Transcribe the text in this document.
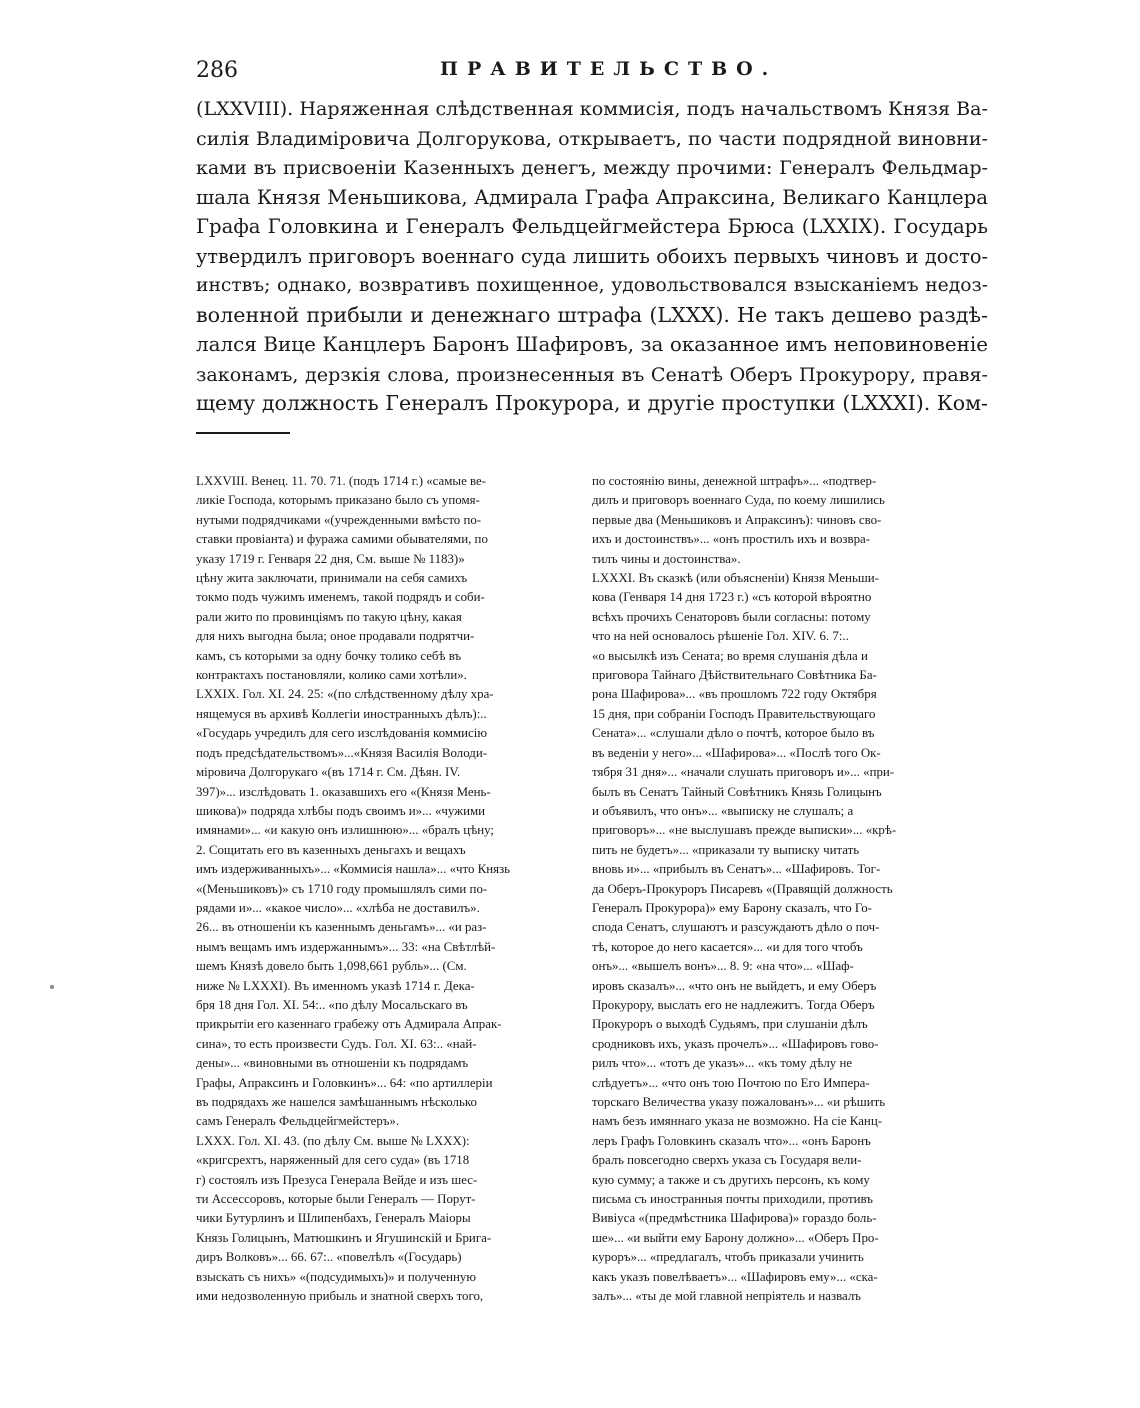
286	ПРАВИТЕЛЬСТВО.
(LXXVIII). Наряженная слѣдственная коммисія, подъ начальствомъ Князя Ва-
силія Владиміровича Долгорукова, открываетъ, по части подрядной виновни-
ками въ присвоеніи Казенныхъ денегъ, между прочими: Генералъ Фельдмар-
шала Князя Меньшикова, Адмирала Графа Апраксина, Великаго Канцлера
Графа Головкина и Генералъ Фельдцейгмейстера Брюса (LXXIX). Государь
утвердилъ приговоръ военнаго суда лишить обоихъ первыхъ чиновъ и досто-
инствъ; однако, возвративъ похищенное, удовольствовался взысканіемъ недоз-
воленной прибыли и денежнаго штрафа (LXXX). Не такъ дешево раздѣ-
лался Вице Канцлеръ Баронъ Шафировъ, за оказанное имъ неповиновеніе
законамъ, дерзкія слова, произнесенныя въ Сенатѣ Оберъ Прокурору, правя-
щему должность Генералъ Прокурора, и другіе проступки (LXXXI). Ком-
LXXVIII. Венец. 11. 70. 71. (подъ 1714 г.) «самые ве-
ликіе Господа, которымъ приказано было съ упомя-
нутыми подрядчиками «(учрежденными вмѣсто по-
ставки провіанта) и фуража самими обывателями, по
указу 1719 г. Генваря 22 дня, См. выше № 1183)»
цѣну жита заключати, принимали на себя самихъ
токмо подъ чужимъ именемъ, такой подрядъ и соби-
рали жито по провинціямъ по такую цѣну, какая
для нихъ выгодна была; оное продавали подрятчи-
камъ, съ которыми за одну бочку толико себѣ въ
контрактахъ постановляли, колико сами хотѣли».
LXXIX. Гол. XI. 24. 25: «(по слѣдственному дѣлу хра-
нящемуся въ архивѣ Коллегіи иностранныхъ дѣлъ):..
«Государь учредилъ для сего изслѣдованія коммисію
подъ предсѣдательствомъ»...«Князя Василія Володи-
міровича Долгорукаго «(въ 1714 г. См. Дѣян. IV.
397)»... изслѣдовать 1. оказавшихъ его «(Князя Мень-
шикова)» подряда хлѣбы подъ своимъ и»... «чужими
имянами»... «и какую онъ излишнюю»... «бралъ цѣну;
2. Сощитать его въ казенныхъ деньгахъ и вещахъ
имъ издерживанныхъ»... «Коммисія нашла»... «что Князь
«(Меньшиковъ)» съ 1710 году промышлялъ сими по-
рядами и»... «какое число»... «хлѣба не доставилъ».
26... въ отношеніи къ казеннымъ деньгамъ»... «и раз-
нымъ вещамъ имъ издержаннымъ»... 33: «на Свѣтлѣй-
шемъ Князѣ довело быть 1,098,661 рубль»... (См.
ниже № LXXXI). Въ именномъ указѣ 1714 г. Дека-
бря 18 дня Гол. XI. 54:.. «по дѣлу Мосальскаго въ
прикрытіи его казеннаго грабежу отъ Адмирала Апрак-
сина», то есть произвести Судъ. Гол. XI. 63:.. «най-
дены»... «виновными въ отношеніи къ подрядамъ
Графы, Апраксинъ и Головкинъ»... 64: «по артиллеріи
въ подрядахъ же нашелся замѣшаннымъ нѣсколько
самъ Генералъ Фельдцейгмейстеръ».
LXXX. Гол. XI. 43. (по дѣлу См. выше № LXXX):
«кригсрехтъ, наряженный для сего суда» (въ 1718
г) состоялъ изъ Презуса Генерала Вейде и изъ шес-
ти Ассессоровъ, которые были Генералъ — Порут-
чики Бутурлинъ и Шлипенбахъ, Генералъ Маіоры
Князь Голицынъ, Матюшкинъ и Ягушинскій и Брига-
диръ Волковъ»... 66. 67:.. «повелѣлъ «(Государь)
взыскать съ нихъ» «(подсудимыхъ)» и полученную
ими недозволенную прибыль и знатной сверхъ того,
по состоянію вины, денежной штрафъ»... «подтвер-
дилъ и приговоръ военнаго Суда, по коему лишились
первые два (Меньшиковъ и Апраксинъ): чиновъ сво-
ихъ и достоинствъ»... «онъ простилъ ихъ и возвра-
тилъ чины и достоинства».
LXXXI. Въ сказкѣ (или объясненіи) Князя Меньши-
кова (Генваря 14 дня 1723 г.) «съ которой вѣроятно
всѣхъ прочихъ Сенаторовъ были согласны: потому
что на ней основалось рѣшеніе Гол. XIV. 6. 7:..
«о высылкѣ изъ Сената; во время слушанія дѣла и
приговора Тайнаго Дѣйствительнаго Совѣтника Ба-
рона Шафирова»... «въ прошломъ 722 году Октября
15 дня, при собраніи Господъ Правительствующаго
Сената»... «слушали дѣло о почтѣ, которое было въ
въ веденіи у него»... «Шафирова»... «Послѣ того Ок-
тября 31 дня»... «начали слушать приговоръ и»... «при-
былъ въ Сенатъ Тайный Совѣтникъ Князь Голицынъ
и объявилъ, что онъ»... «выписку не слушалъ; а
приговоръ»... «не выслушавъ прежде выписки»... «крѣ-
пить не будетъ»... «приказали ту выписку читать
вновь и»... «прибылъ въ Сенатъ»... «Шафировъ. Тог-
да Оберъ-Прокуроръ Писаревъ «(Правящій должность
Генералъ Прокурора)» ему Барону сказалъ, что Го-
спода Сенатъ, слушаютъ и разсуждаютъ дѣло о поч-
тѣ, которое до него касается»... «и для того чтобъ
онъ»... «вышелъ вонъ»... 8. 9: «на что»... «Шаф-
ировъ сказалъ»... «что онъ не выйдетъ, и ему Оберъ
Прокурору, выслать его не надлежитъ. Тогда Оберъ
Прокуроръ о выходѣ Судьямъ, при слушаніи дѣлъ
сродниковъ ихъ, указъ прочелъ»... «Шафировъ гово-
рилъ что»... «тотъ де указъ»... «къ тому дѣлу не
слѣдуетъ»... «что онъ тою Почтою по Его Импера-
торскаго Величества указу пожалованъ»... «и рѣшить
намъ безъ имяннаго указа не возможно. На сіе Канц-
леръ Графъ Головкинъ сказалъ что»... «онъ Баронъ
бралъ повсегодно сверхъ указа съ Государя вели-
кую сумму; а также и съ другихъ персонъ, къ кому
письма съ иностранныя почты приходили, противъ
Вивіуса «(предмѣстника Шафирова)» гораздо боль-
ше»... «и выйти ему Барону должно»... «Оберъ Про-
куроръ»... «предлагалъ, чтобъ приказали учинить
какъ указъ повелѣваетъ»... «Шафировъ ему»... «ска-
залъ»... «ты де мой главной непріятель и назвалъ
